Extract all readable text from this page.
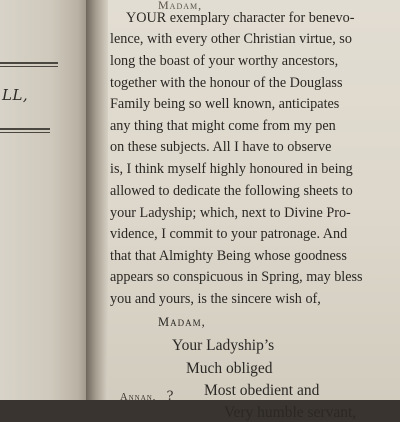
LL,
Madam,
YOUR exemplary character for benevo-
lence, with every other Christian virtue, so
long the boast of your worthy ancestors,
together with the honour of the Douglass
Family being so well known, anticipates
any thing that might come from my pen
on these subjects. All I have to observe
is, I think myself highly honoured in being
allowed to dedicate the following sheets to
your Ladyship; which, next to Divine Pro-
vidence, I commit to your patronage. And
that that Almighty Being whose goodness
appears so conspicuous in Spring, may bless
you and yours, is the sincere wish of,
Madam,
Your Ladyship’s
Much obliged
Most obedient and
Very humble servant,
Annan, ?
